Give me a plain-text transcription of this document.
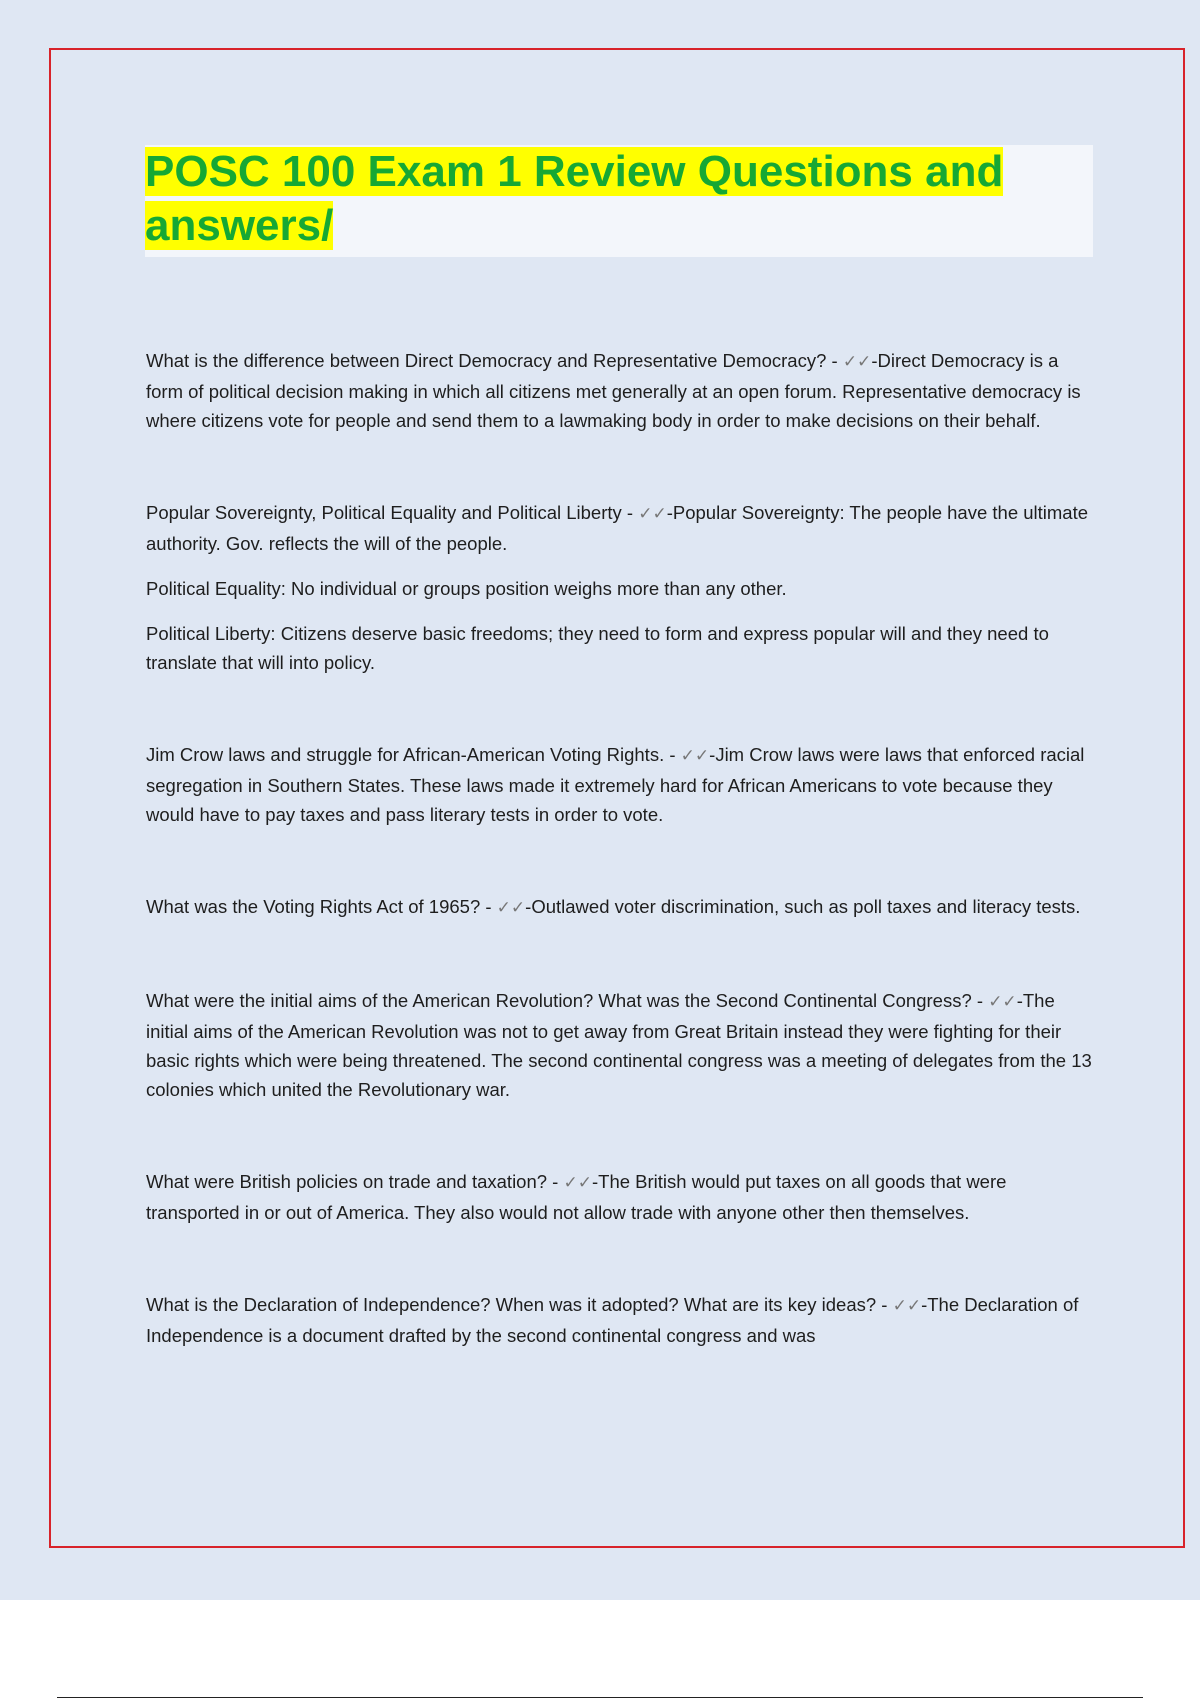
POSC 100 Exam 1 Review Questions and answers/

What is the difference between Direct Democracy and Representative Democracy? - ✓✓-Direct Democracy is a form of political decision making in which all citizens met generally at an open forum. Representative democracy is where citizens vote for people and send them to a lawmaking body in order to make decisions on their behalf.

Popular Sovereignty, Political Equality and Political Liberty - ✓✓-Popular Sovereignty: The people have the ultimate authority. Gov. reflects the will of the people.

Political Equality: No individual or groups position weighs more than any other.

Political Liberty: Citizens deserve basic freedoms; they need to form and express popular will and they need to translate that will into policy.

Jim Crow laws and struggle for African-American Voting Rights. - ✓✓-Jim Crow laws were laws that enforced racial segregation in Southern States. These laws made it extremely hard for African Americans to vote because they would have to pay taxes and pass literary tests in order to vote.

What was the Voting Rights Act of 1965? - ✓✓-Outlawed voter discrimination, such as poll taxes and literacy tests.

What were the initial aims of the American Revolution? What was the Second Continental Congress? - ✓✓-The initial aims of the American Revolution was not to get away from Great Britain instead they were fighting for their basic rights which were being threatened. The second continental congress was a meeting of delegates from the 13 colonies which united the Revolutionary war.

What were British policies on trade and taxation? - ✓✓-The British would put taxes on all goods that were transported in or out of America. They also would not allow trade with anyone other then themselves.

What is the Declaration of Independence? When was it adopted? What are its key ideas? - ✓✓-The Declaration of Independence is a document drafted by the second continental congress and was
